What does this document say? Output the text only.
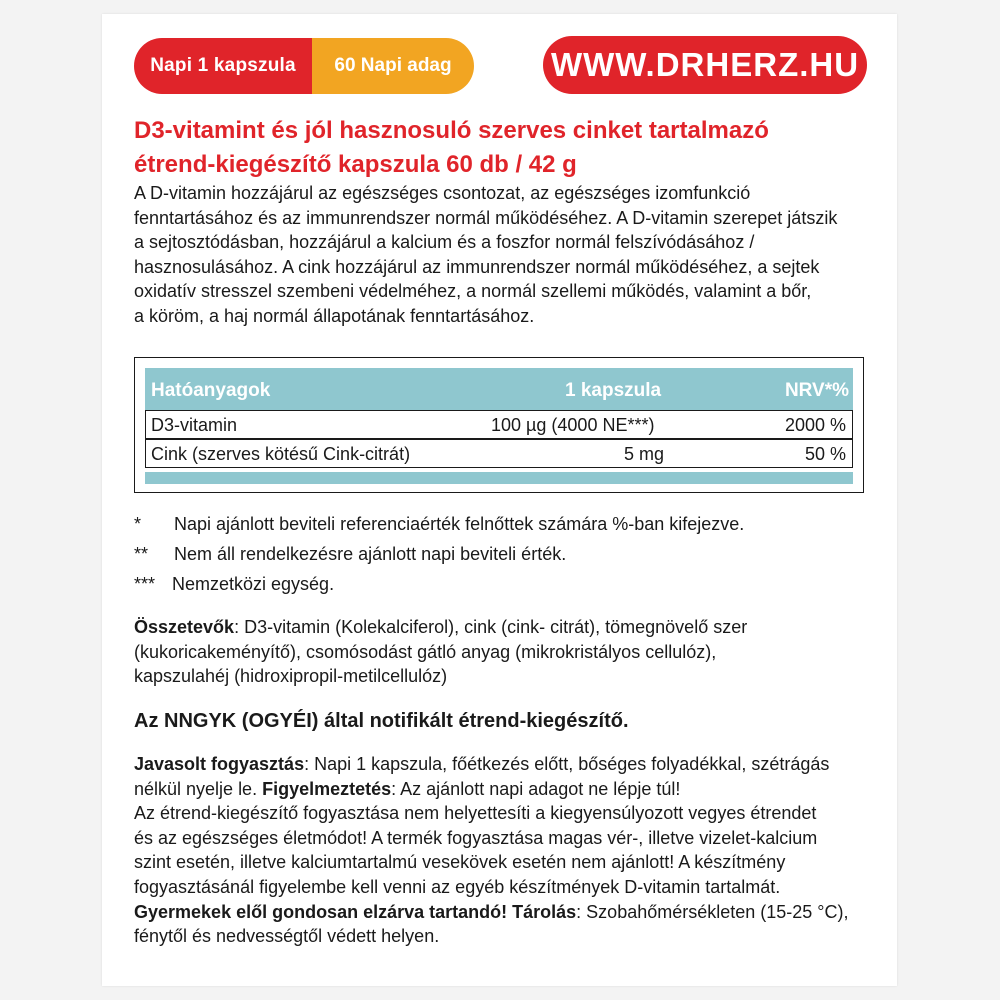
Napi 1 kapszula	60 Napi adag	WWW.DRHERZ.HU
D3-vitamint és jól hasznosuló szerves cinket tartalmazó
étrend-kiegészítő kapszula 60 db / 42 g

A D-vitamin hozzájárul az egészséges csontozat, az egészséges izomfunkció
fenntartásához és az immunrendszer normál működéséhez. A D-vitamin szerepet játszik
a sejtosztódásban, hozzájárul a kalcium és a foszfor normál felszívódásához /
hasznosulásához. A cink hozzájárul az immunrendszer normál működéséhez, a sejtek
oxidatív stresszel szembeni védelméhez, a normál szellemi működés, valamint a bőr,
a köröm, a haj normál állapotának fenntartásához.

Hatóanyagok	1 kapszula	NRV*%
D3-vitamin	100 µg (4000 NE***)	2000 %
Cink (szerves kötésű Cink-citrát)	5 mg	50 %
* Napi ajánlott beviteli referenciaérték felnőttek számára %-ban kifejezve.
** Nem áll rendelkezésre ajánlott napi beviteli érték.
*** Nemzetközi egység.

Összetevők: D3-vitamin (Kolekalciferol), cink (cink- citrát), tömegnövelő szer
(kukoricakeményítő), csomósodást gátló anyag (mikrokristályos cellulóz),
kapszulahéj (hidroxipropil-metilcellulóz)

Az NNGYK (OGYÉI) által notifikált étrend-kiegészítő.

Javasolt fogyasztás: Napi 1 kapszula, főétkezés előtt, bőséges folyadékkal, szétrágás
nélkül nyelje le. Figyelmeztetés: Az ajánlott napi adagot ne lépje túl!
Az étrend-kiegészítő fogyasztása nem helyettesíti a kiegyensúlyozott vegyes étrendet
és az egészséges életmódot! A termék fogyasztása magas vér-, illetve vizelet-kalcium
szint esetén, illetve kalciumtartalmú vesekövek esetén nem ajánlott! A készítmény
fogyasztásánál figyelembe kell venni az egyéb készítmények D-vitamin tartalmát.
Gyermekek elől gondosan elzárva tartandó! Tárolás: Szobahőmérsékleten (15-25 °C),
fénytől és nedvességtől védett helyen.
